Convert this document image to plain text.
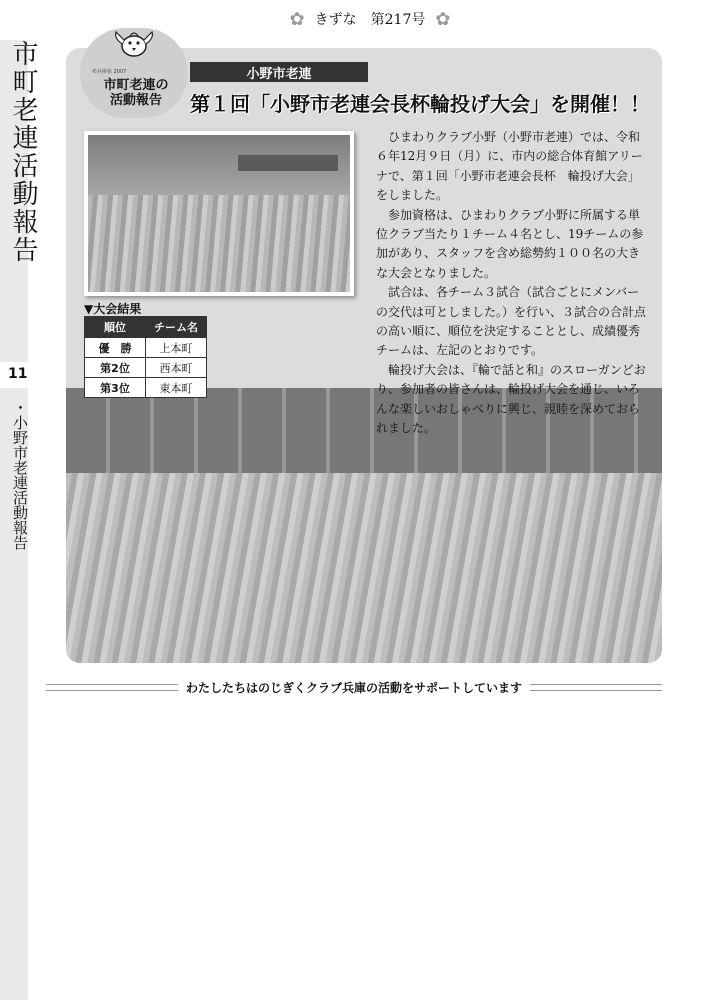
✿ きずな　第217号 ✿
市町老連活動報告
11
・小野市老連活動報告
©兵庫県 2007
市町老連の
活動報告
小野市老連
第１回「小野市老連会長杯輪投げ大会」を開催！！

ひまわりクラブ小野（小野市老連）では、令和６年12月９日（月）に、市内の総合体育館アリーナで、第１回「小野市老連会長杯　輪投げ大会」をしました。

参加資格は、ひまわりクラブ小野に所属する単位クラブ当たり１チーム４名とし、19チームの参加があり、スタッフを含め総勢約１００名の大きな大会となりました。

試合は、各チーム３試合（試合ごとにメンバーの交代は可としました。）を行い、３試合の合計点の高い順に、順位を決定することとし、成績優秀チームは、左記のとおりです。

輪投げ大会は、『輪で話と和』のスローガンどおり、参加者の皆さんは、輪投げ大会を通じ、いろんな楽しいおしゃべりに興じ、親睦を深めておられました。

▼大会結果
順位	チーム名
優　勝	上本町
第2位	西本町
第3位	東本町
わたしたちはのじぎくクラブ兵庫の活動をサポートしています
